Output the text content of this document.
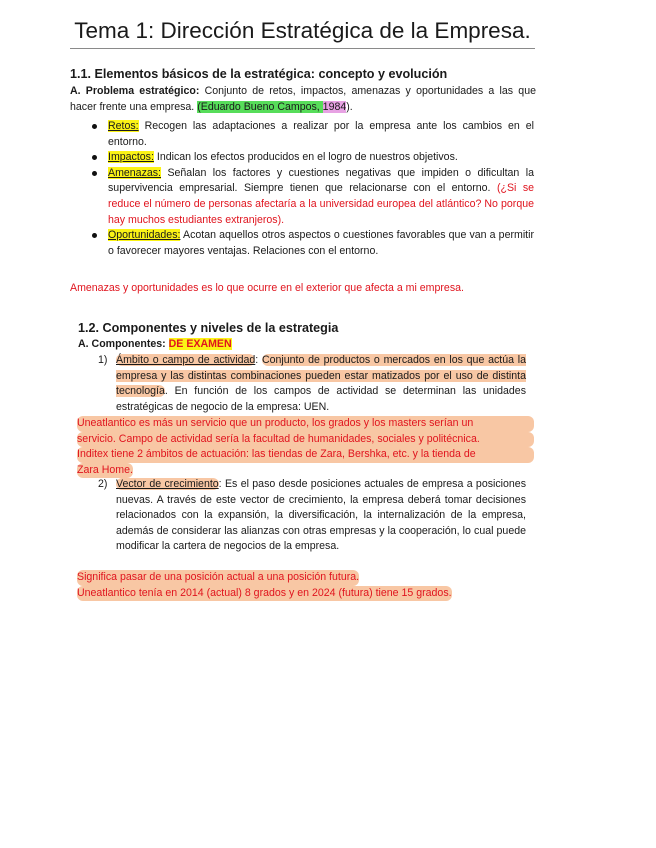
Tema 1: Dirección Estratégica de la Empresa.
1.1. Elementos básicos de la estratégica: concepto y evolución
A. Problema estratégico: Conjunto de retos, impactos, amenazas y oportunidades a las que hacer frente una empresa. (Eduardo Bueno Campos, 1984).
Retos: Recogen las adaptaciones a realizar por la empresa ante los cambios en el entorno.
Impactos: Indican los efectos producidos en el logro de nuestros objetivos.
Amenazas: Señalan los factores y cuestiones negativas que impiden o dificultan la supervivencia empresarial. Siempre tienen que relacionarse con el entorno. (¿Si se reduce el número de personas afectaría a la universidad europea del atlántico? No porque hay muchos estudiantes extranjeros).
Oportunidades: Acotan aquellos otros aspectos o cuestiones favorables que van a permitir o favorecer mayores ventajas. Relaciones con el entorno.
Amenazas y oportunidades es lo que ocurre en el exterior que afecta a mi empresa.
1.2. Componentes y niveles de la estrategia
A. Componentes: DE EXAMEN
1) Ámbito o campo de actividad: Conjunto de productos o mercados en los que actúa la empresa y las distintas combinaciones pueden estar matizados por el uso de distinta tecnología. En función de los campos de actividad se determinan las unidades estratégicas de negocio de la empresa: UEN.
Uneatlantico es más un servicio que un producto, los grados y los masters serían un
servicio. Campo de actividad sería la facultad de humanidades, sociales y politécnica.
Inditex tiene 2 ámbitos de actuación: las tiendas de Zara, Bershka, etc. y la tienda de
Zara Home.
2) Vector de crecimiento: Es el paso desde posiciones actuales de empresa a posiciones nuevas. A través de este vector de crecimiento, la empresa deberá tomar decisiones relacionados con la expansión, la diversificación, la internalización de la empresa, además de considerar las alianzas con otras empresas y la cooperación, lo cual puede modificar la cartera de negocios de la empresa.
Significa pasar de una posición actual a una posición futura.
Uneatlantico tenía en 2014 (actual) 8 grados y en 2024 (futura) tiene 15 grados.
